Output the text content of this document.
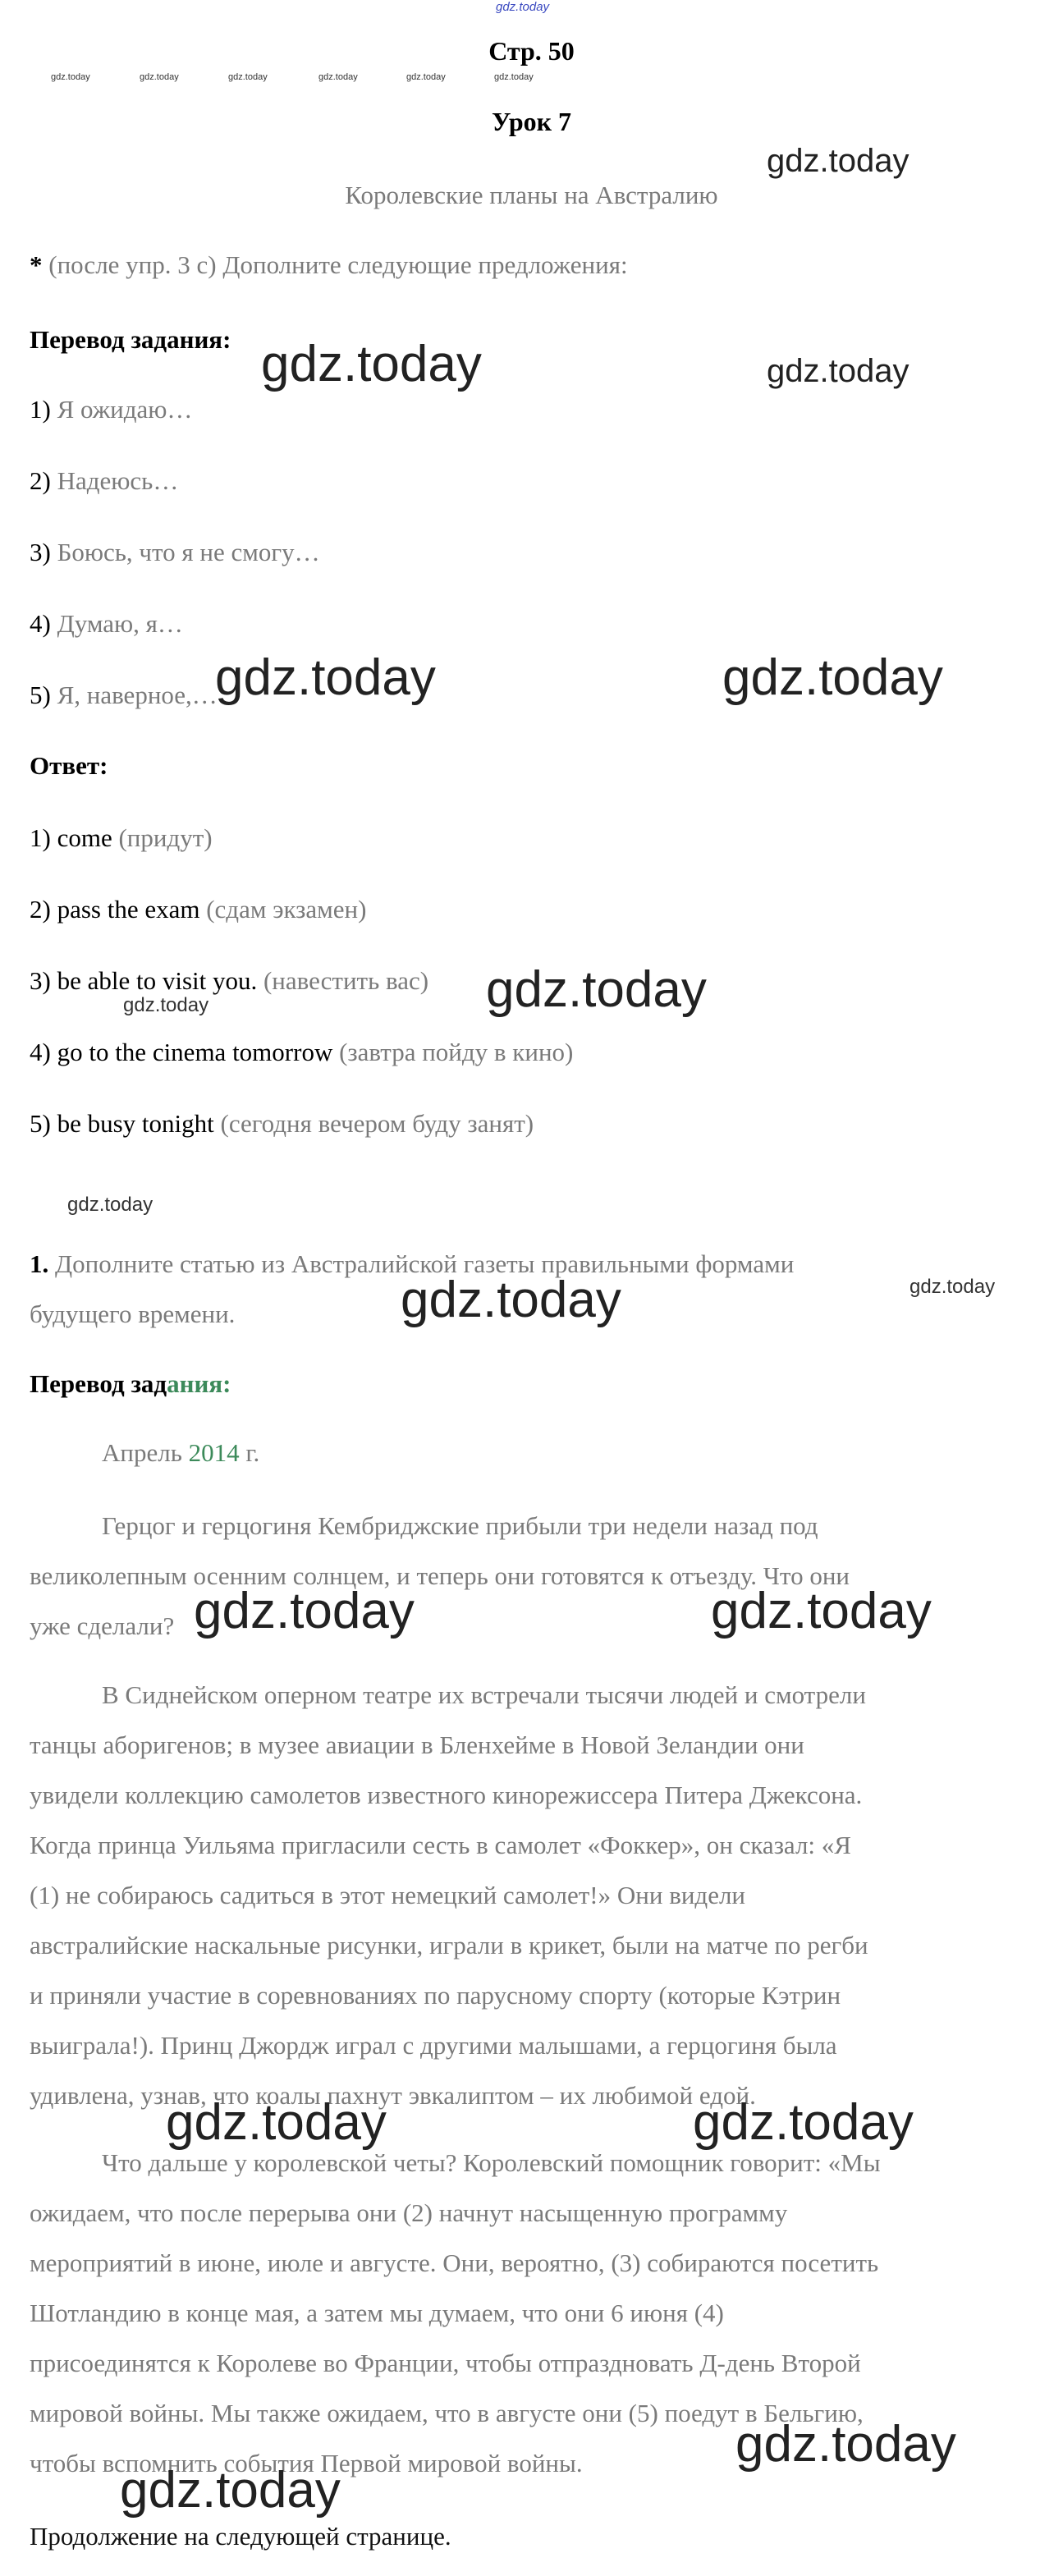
gdz.today
gdz.today	gdz.today	gdz.today	gdz.today	gdz.today	gdz.today
Стр. 50
Урок 7
Королевские планы на Австралию
* (после упр. 3 c) Дополните следующие предложения:
Перевод задания:
1) Я ожидаю…
2) Надеюсь…
3) Боюсь, что я не смогу…
4) Думаю, я…
5) Я, наверное,…
Ответ:
1) come (придут)
2) pass the exam (сдам экзамен)
3) be able to visit you. (навестить вас)
4) go to the cinema tomorrow (завтра пойду в кино)
5) be busy tonight (сегодня вечером буду занят)
1. Дополните статью из Австралийской газеты правильными формами
будущего времени.
Перевод задания:
Апрель 2014 г.

Герцог и герцогиня Кембриджские прибыли три недели назад под

великолепным осенним солнцем, и теперь они готовятся к отъезду. Что они

уже сделали?

В Сиднейском оперном театре их встречали тысячи людей и смотрели

танцы аборигенов; в музее авиации в Бленхейме в Новой Зеландии они

увидели коллекцию самолетов известного кинорежиссера Питера Джексона.

Когда принца Уильяма пригласили сесть в самолет «Фоккер», он сказал: «Я

(1) не собираюсь садиться в этот немецкий самолет!» Они видели

австралийские наскальные рисунки, играли в крикет, были на матче по регби

и приняли участие в соревнованиях по парусному спорту (которые Кэтрин

выиграла!). Принц Джордж играл с другими малышами, а герцогиня была

удивлена, узнав, что коалы пахнут эвкалиптом – их любимой едой.

Что дальше у королевской четы? Королевский помощник говорит: «Мы

ожидаем, что после перерыва они (2) начнут насыщенную программу

мероприятий в июне, июле и августе. Они, вероятно, (3) собираются посетить

Шотландию в конце мая, а затем мы думаем, что они 6 июня (4)

присоединятся к Королеве во Франции, чтобы отпраздновать Д-день Второй

мировой войны. Мы также ожидаем, что в августе они (5) поедут в Бельгию,

чтобы вспомнить события Первой мировой войны.

Продолжение на следующей странице.
gdz.today
gdz.today	gdz.today
gdz.today	gdz.today
gdz.today
gdz.today
gdz.today
gdz.today	gdz.today
gdz.today	gdz.today
gdz.today	gdz.today
gdz.today
gdz.today
